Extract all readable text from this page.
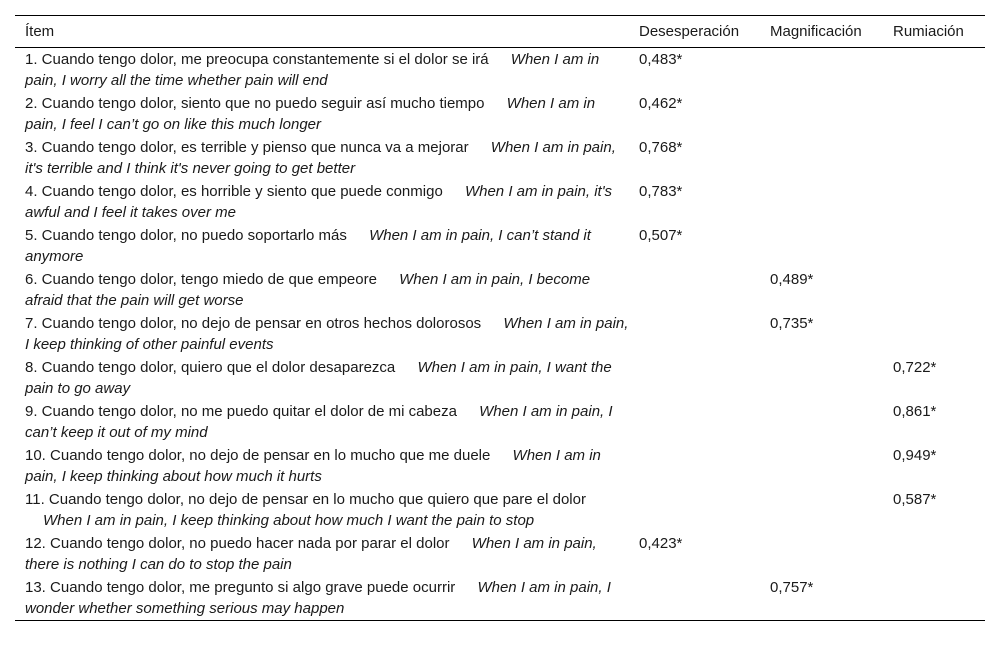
Ítem	Desesperación	Magnificación	Rumiación
1. Cuando tengo dolor, me preocupa constantemente si el dolor se irá When I am in pain, I worry all the time whether pain will end	0,483*		
2. Cuando tengo dolor, siento que no puedo seguir así mucho tiempo When I am in pain, I feel I can’t go on like this much longer	0,462*		
3. Cuando tengo dolor, es terrible y pienso que nunca va a mejorar When I am in pain, it's terrible and I think it's never going to get better	0,768*		
4. Cuando tengo dolor, es horrible y siento que puede conmigo When I am in pain, it's awful and I feel it takes over me	0,783*		
5. Cuando tengo dolor, no puedo soportarlo más When I am in pain, I can’t stand it anymore	0,507*		
6. Cuando tengo dolor, tengo miedo de que empeore When I am in pain, I become afraid that the pain will get worse		0,489*	
7. Cuando tengo dolor, no dejo de pensar en otros hechos dolorosos When I am in pain, I keep thinking of other painful events		0,735*	
8. Cuando tengo dolor, quiero que el dolor desaparezca When I am in pain, I want the pain to go away			0,722*
9. Cuando tengo dolor, no me puedo quitar el dolor de mi cabeza When I am in pain, I can’t keep it out of my mind			0,861*
10. Cuando tengo dolor, no dejo de pensar en lo mucho que me duele When I am in pain, I keep thinking about how much it hurts			0,949*
11. Cuando tengo dolor, no dejo de pensar en lo mucho que quiero que pare el dolor When I am in pain, I keep thinking about how much I want the pain to stop			0,587*
12. Cuando tengo dolor, no puedo hacer nada por parar el dolor When I am in pain, there is nothing I can do to stop the pain	0,423*		
13. Cuando tengo dolor, me pregunto si algo grave puede ocurrir When I am in pain, I wonder whether something serious may happen		0,757*	
